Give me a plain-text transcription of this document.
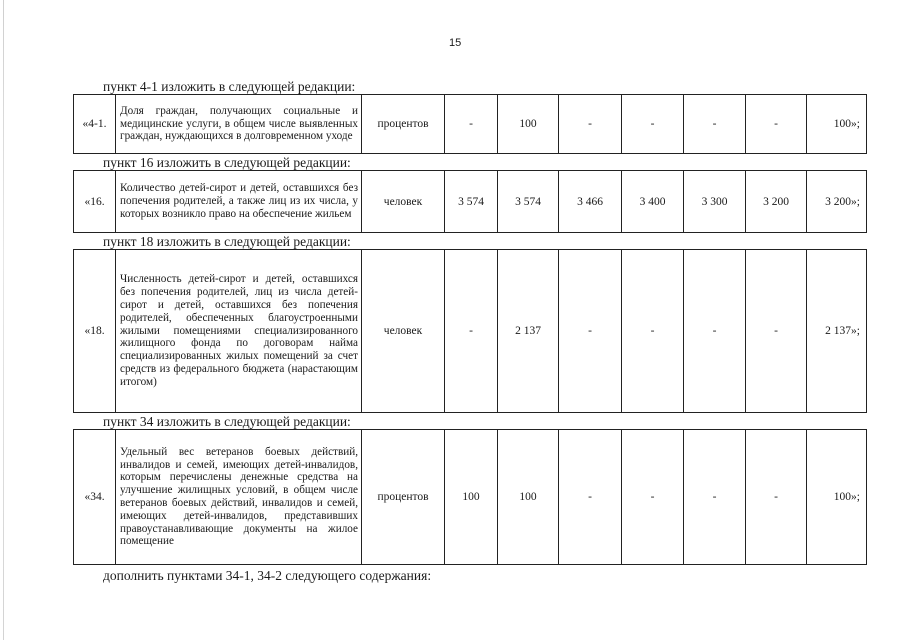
15
пункт 4-1 изложить в следующей редакции:
«4-1.	Доля граждан, получающих социальные и медицинские услуги, в общем числе выявленных граждан, нуждающихся в долговременном уходе	процентов	-	100	-	-	-	-	100»;
пункт 16 изложить в следующей редакции:
«16.	Количество детей-сирот и детей, оставшихся без попечения родителей, а также лиц из их числа, у которых возникло право на обеспечение жильем	человек	3 574	3 574	3 466	3 400	3 300	3 200	3 200»;
пункт 18 изложить в следующей редакции:
«18.	Численность детей-сирот и детей, оставшихся без попечения родителей, лиц из числа детей-сирот и детей, оставшихся без попечения родителей, обеспеченных благоустроенными жилыми помещениями специализированного жилищного фонда по договорам найма специализированных жилых помещений за счет средств из федерального бюджета (нарастающим итогом)	человек	-	2 137	-	-	-	-	2 137»;
пункт 34 изложить в следующей редакции:
«34.	Удельный вес ветеранов боевых действий, инвалидов и семей, имеющих детей-инвалидов, которым перечислены денежные средства на улучшение жилищных условий, в общем числе ветеранов боевых действий, инвалидов и семей, имеющих детей-инвалидов, представивших правоустанавливающие документы на жилое помещение	процентов	100	100	-	-	-	-	100»;
дополнить пунктами 34-1, 34-2 следующего содержания:
